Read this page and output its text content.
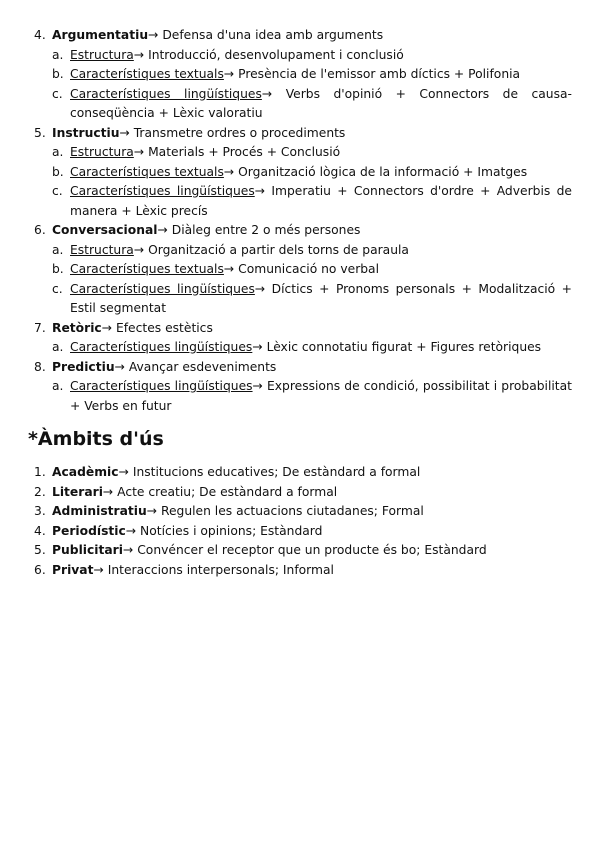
4. Argumentatiu→ Defensa d'una idea amb arguments
a. Estructura→ Introducció, desenvolupament i conclusió
b. Característiques textuals→ Presència de l'emissor amb díctics + Polifonia
c. Característiques lingüístiques→ Verbs d'opinió + Connectors de causa-conseqüència + Lèxic valoratiu
5. Instructiu→ Transmetre ordres o procediments
a. Estructura→ Materials + Procés + Conclusió
b. Característiques textuals→ Organització lògica de la informació + Imatges
c. Característiques lingüístiques→ Imperatiu + Connectors d'ordre + Adverbis de manera + Lèxic precís
6. Conversacional→ Diàleg entre 2 o més persones
a. Estructura→ Organització a partir dels torns de paraula
b. Característiques textuals→ Comunicació no verbal
c. Característiques lingüístiques→ Díctics + Pronoms personals + Modalització + Estil segmentat
7. Retòric→ Efectes estètics
a. Característiques lingüístiques→ Lèxic connotatiu figurat + Figures retòriques
8. Predictiu→ Avançar esdeveniments
a. Característiques lingüístiques→ Expressions de condició, possibilitat i probabilitat + Verbs en futur
*Àmbits d'ús
1. Acadèmic→ Institucions educatives; De estàndard a formal
2. Literari→ Acte creatiu; De estàndard a formal
3. Administratiu→ Regulen les actuacions ciutadanes; Formal
4. Periodístic→ Notícies i opinions; Estàndard
5. Publicitari→ Convéncer el receptor que un producte és bo; Estàndard
6. Privat→ Interaccions interpersonals; Informal
